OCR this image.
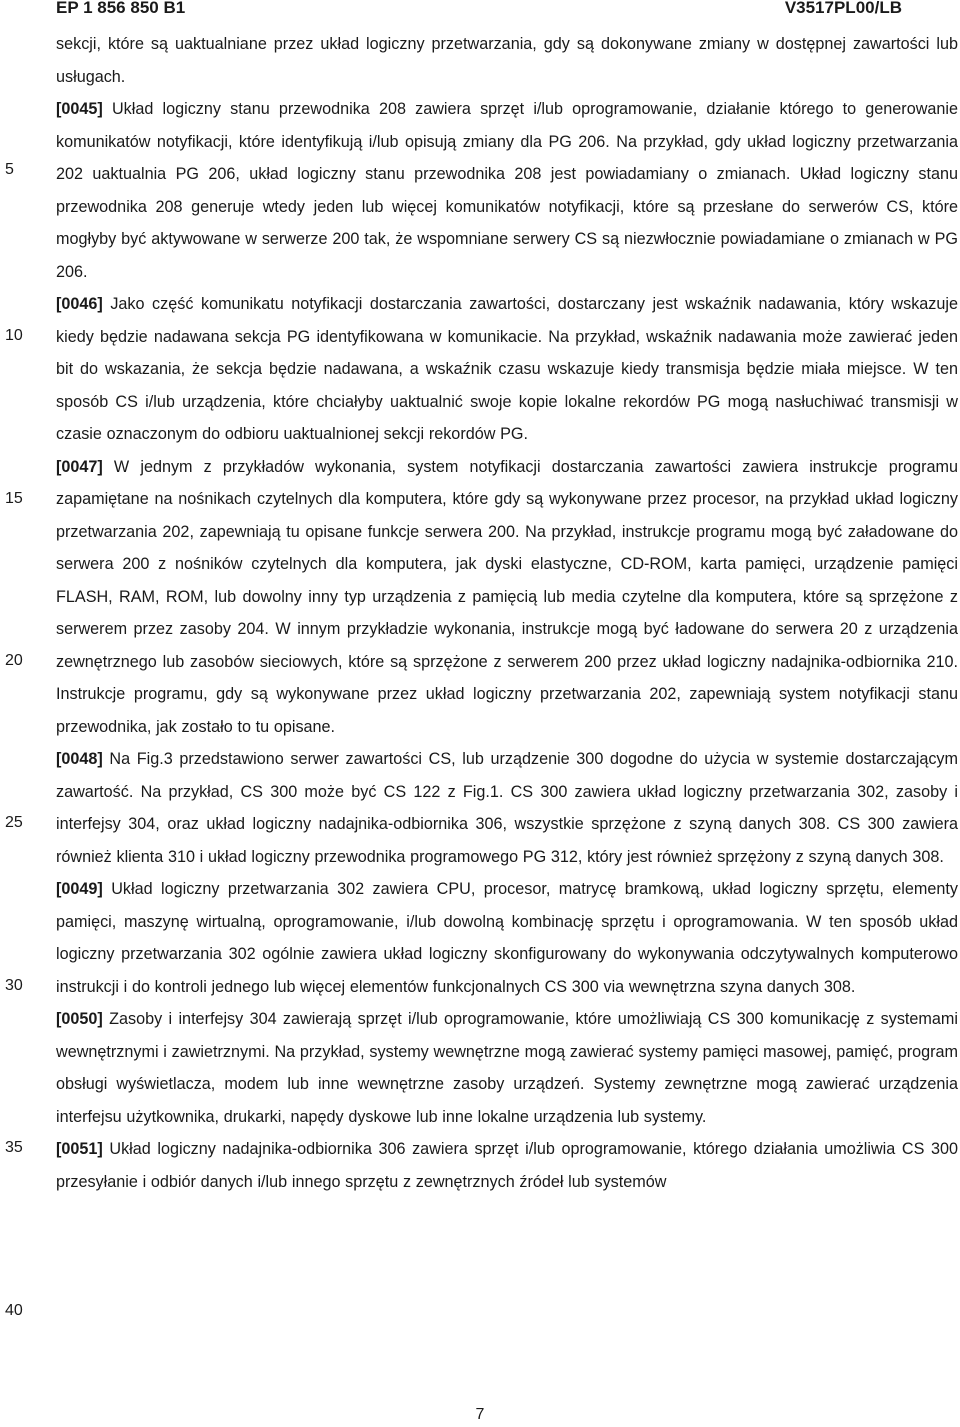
EP 1 856 850 B1	V3517PL00/LB
5
10
15
20
25
30
35
40

sekcji, które są uaktualniane przez układ logiczny przetwarzania, gdy są dokonywane zmiany w dostępnej zawartości lub usługach.

[0045] Układ logiczny stanu przewodnika 208 zawiera sprzęt i/lub oprogramowanie, działanie którego to generowanie komunikatów notyfikacji, które identyfikują i/lub opisują zmiany dla PG 206. Na przykład, gdy układ logiczny przetwarzania 202 uaktualnia PG 206, układ logiczny stanu przewodnika 208 jest powiadamiany o zmianach. Układ logiczny stanu przewodnika 208 generuje wtedy jeden lub więcej komunikatów notyfikacji, które są przesłane do serwerów CS, które mogłyby być aktywowane w serwerze 200 tak, że wspomniane serwery CS są niezwłocznie powiadamiane o zmianach w PG 206.

[0046] Jako część komunikatu notyfikacji dostarczania zawartości, dostarczany jest wskaźnik nadawania, który wskazuje kiedy będzie nadawana sekcja PG identyfikowana w komunikacie. Na przykład, wskaźnik nadawania może zawierać jeden bit do wskazania, że sekcja będzie nadawana, a wskaźnik czasu wskazuje kiedy transmisja będzie miała miejsce. W ten sposób CS i/lub urządzenia, które chciałyby uaktualnić swoje kopie lokalne rekordów PG mogą nasłuchiwać transmisji w czasie oznaczonym do odbioru uaktualnionej sekcji rekordów PG.

[0047] W jednym z przykładów wykonania, system notyfikacji dostarczania zawartości zawiera instrukcje programu zapamiętane na nośnikach czytelnych dla komputera, które gdy są wykonywane przez procesor, na przykład układ logiczny przetwarzania 202, zapewniają tu opisane funkcje serwera 200. Na przykład, instrukcje programu mogą być załadowane do serwera 200 z nośników czytelnych dla komputera, jak dyski elastyczne, CD-ROM, karta pamięci, urządzenie pamięci FLASH, RAM, ROM, lub dowolny inny typ urządzenia z pamięcią lub media czytelne dla komputera, które są sprzężone z serwerem przez zasoby 204. W innym przykładzie wykonania, instrukcje mogą być ładowane do serwera 20 z urządzenia zewnętrznego lub zasobów sieciowych, które są sprzężone z serwerem 200 przez układ logiczny nadajnika-odbiornika 210. Instrukcje programu, gdy są wykonywane przez układ logiczny przetwarzania 202, zapewniają system notyfikacji stanu przewodnika, jak zostało to tu opisane.

[0048] Na Fig.3 przedstawiono serwer zawartości CS, lub urządzenie 300 dogodne do użycia w systemie dostarczającym zawartość. Na przykład, CS 300 może być CS 122 z Fig.1. CS 300 zawiera układ logiczny przetwarzania 302, zasoby i interfejsy 304, oraz układ logiczny nadajnika-odbiornika 306, wszystkie sprzężone z szyną danych 308. CS 300 zawiera również klienta 310 i układ logiczny przewodnika programowego PG 312, który jest również sprzężony z szyną danych 308.

[0049] Układ logiczny przetwarzania 302 zawiera CPU, procesor, matrycę bramkową, układ logiczny sprzętu, elementy pamięci, maszynę wirtualną, oprogramowanie, i/lub dowolną kombinację sprzętu i oprogramowania. W ten sposób układ logiczny przetwarzania 302 ogólnie zawiera układ logiczny skonfigurowany do wykonywania odczytywalnych komputerowo instrukcji i do kontroli jednego lub więcej elementów funkcjonalnych CS 300 via wewnętrzna szyna danych 308.

[0050] Zasoby i interfejsy 304 zawierają sprzęt i/lub oprogramowanie, które umożliwiają CS 300 komunikację z systemami wewnętrznymi i zawietrznymi. Na przykład, systemy wewnętrzne mogą zawierać systemy pamięci masowej, pamięć, program obsługi wyświetlacza, modem lub inne wewnętrzne zasoby urządzeń. Systemy zewnętrzne mogą zawierać urządzenia interfejsu użytkownika, drukarki, napędy dyskowe lub inne lokalne urządzenia lub systemy.

[0051] Układ logiczny nadajnika-odbiornika 306 zawiera sprzęt i/lub oprogramowanie, którego działania umożliwia CS 300 przesyłanie i odbiór danych i/lub innego sprzętu z zewnętrznych źródeł lub systemów

7
